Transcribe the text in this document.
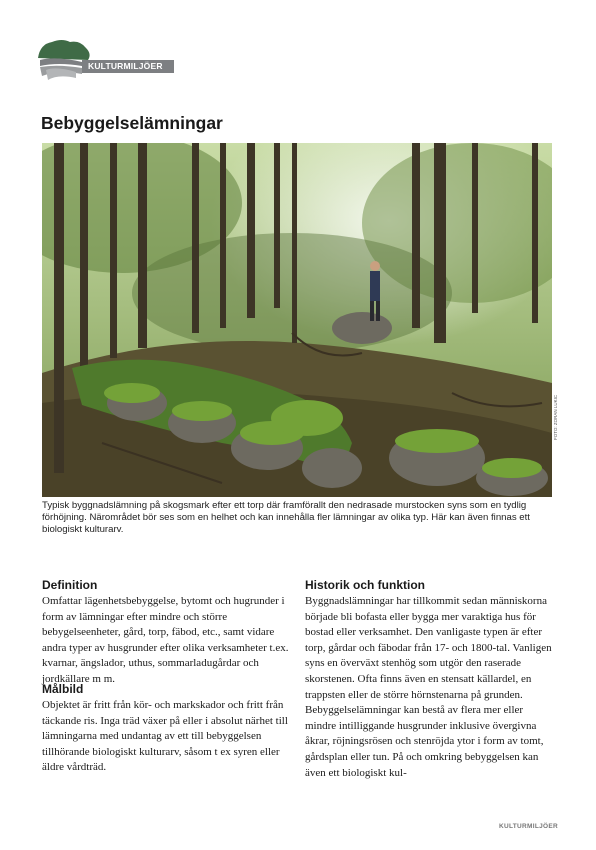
KULTURMILJÖER
Bebyggelselämningar
FOTO: ZORAN LUKIC
Typisk byggnadslämning på skogsmark efter ett torp där framförallt den nedrasade murstocken syns som en tydlig förhöjning. Närområdet bör ses som en helhet och kan innehålla fler lämningar av olika typ. Här kan även finnas ett biologiskt kulturarv.
Definition

Omfattar lägenhetsbebyggelse, bytomt och hugrunder i form av lämningar efter mindre och större bebygelseenheter, gård, torp, fäbod, etc., samt vidare andra typer av husgrunder efter olika verksamheter t.ex. kvarnar, ängslador, uthus, sommarladugårdar och jordkällare m m.

Målbild

Objektet är fritt från kör- och markskador och fritt från täckande ris. Inga träd växer på eller i absolut närhet till lämningarna med undantag av ett till bebyggelsen tillhörande biologiskt kulturarv, såsom t ex syren eller äldre vårdträd.

Historik och funktion

Byggnadslämningar har tillkommit sedan människorna började bli bofasta eller bygga mer varaktiga hus för bostad eller verksamhet. Den vanligaste typen är efter torp, gårdar och fäbodar från 17- och 1800-tal. Vanligen syns en överväxt stenhög som utgör den raserade skorstenen. Ofta finns även en stensatt källardel, en trappsten eller de större hörnstenarna på grunden. Bebyggelselämningar kan bestå av flera mer eller mindre intilliggande husgrunder inklusive övergivna åkrar, röjningsrösen och stenröjda ytor i form av tomt, gårdsplan eller tun. På och omkring bebyggelsen kan även ett biologiskt kul-

KULTURMILJÖER
